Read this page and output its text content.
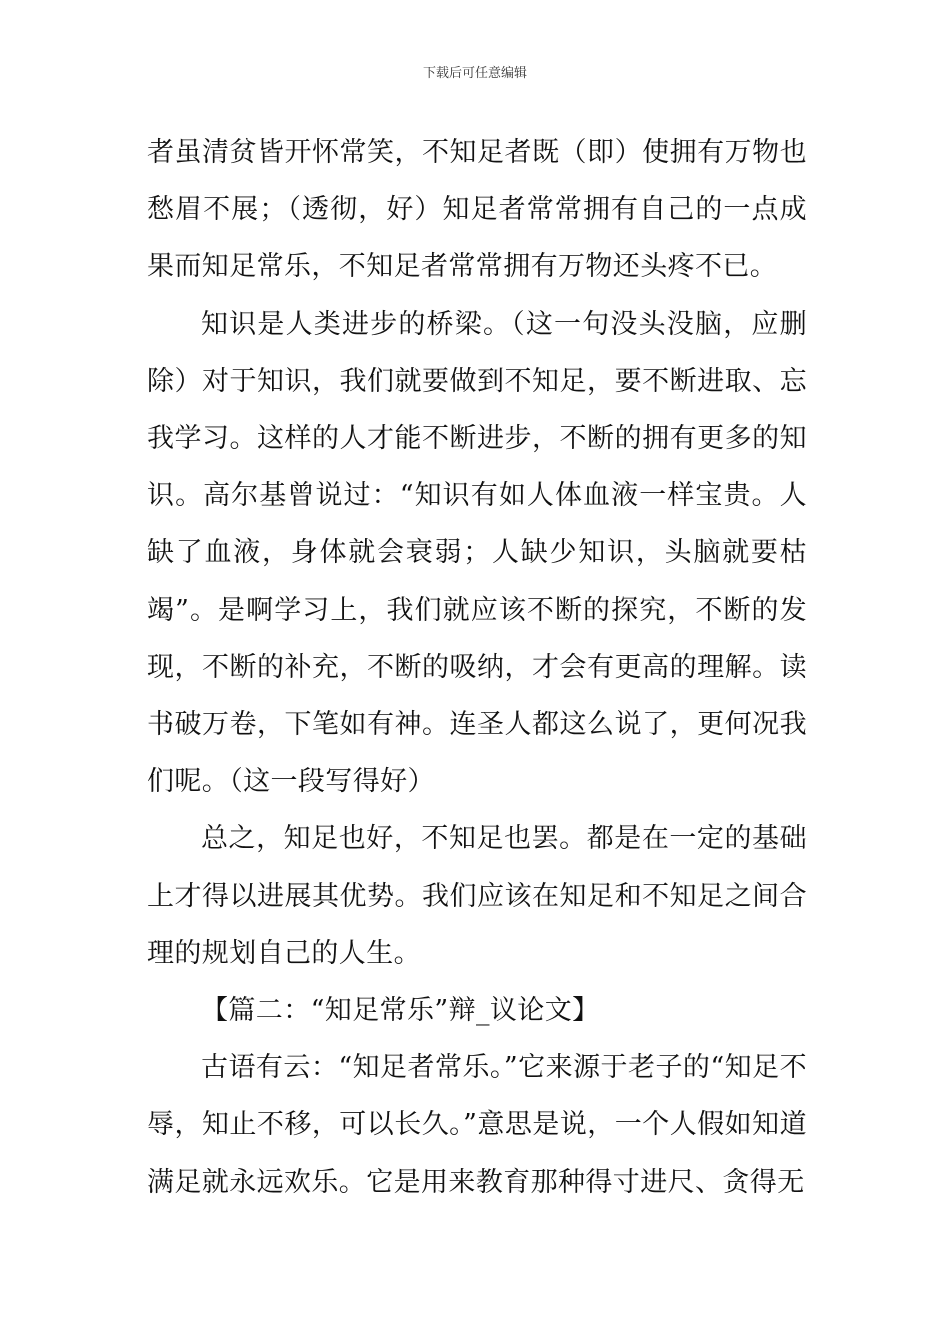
下载后可任意编辑

者虽清贫皆开怀常笑，不知足者既（即）使拥有万物也愁眉不展；（透彻，好）知足者常常拥有自己的一点成果而知足常乐，不知足者常常拥有万物还头疼不已。

知识是人类进步的桥梁。（这一句没头没脑，应删除）对于知识，我们就要做到不知足，要不断进取、忘我学习。这样的人才能不断进步，不断的拥有更多的知识。高尔基曾说过：“知识有如人体血液一样宝贵。人缺了血液，身体就会衰弱；人缺少知识，头脑就要枯竭”。是啊学习上，我们就应该不断的探究，不断的发现，不断的补充，不断的吸纳，才会有更高的理解。读书破万卷，下笔如有神。连圣人都这么说了，更何况我们呢。（这一段写得好）

总之，知足也好，不知足也罢。都是在一定的基础上才得以进展其优势。我们应该在知足和不知足之间合理的规划自己的人生。

【篇二：“知足常乐”辩_议论文】

古语有云：“知足者常乐。”它来源于老子的“知足不辱，知止不移，可以长久。”意思是说，一个人假如知道满足就永远欢乐。它是用来教育那种得寸进尺、贪得无
